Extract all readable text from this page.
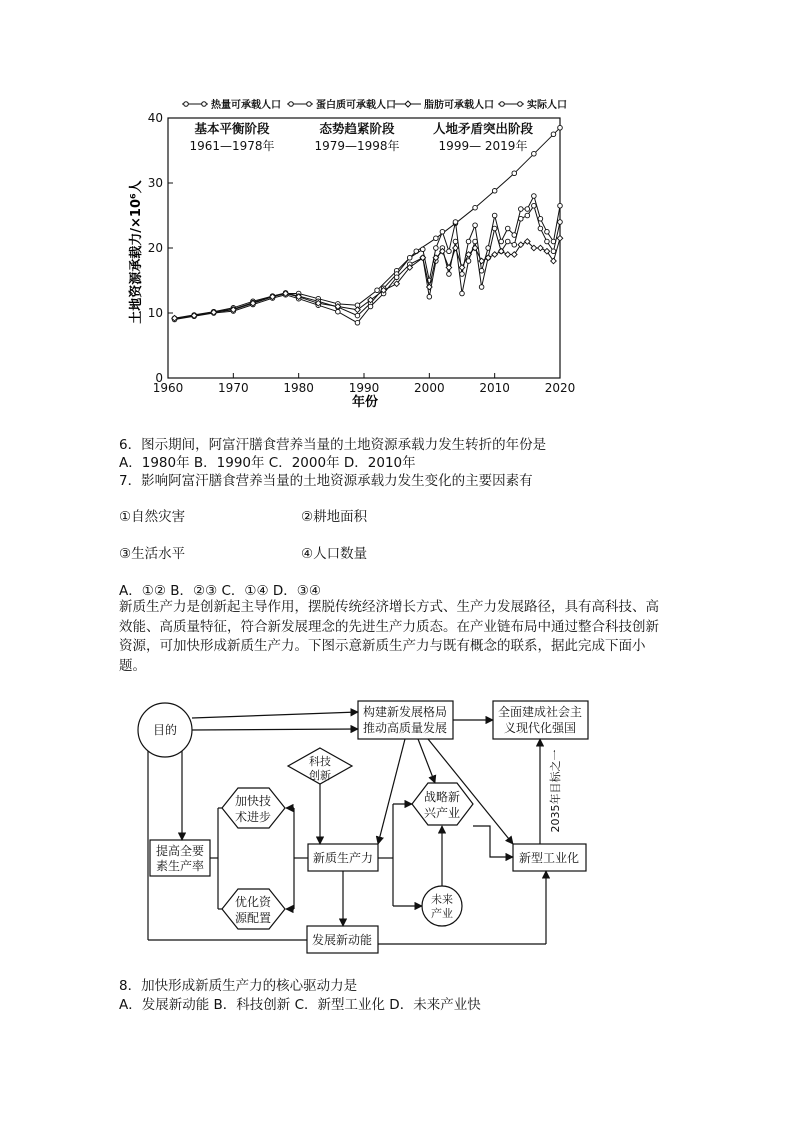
1960	1970	1980	1990	2000	2010	2020
0
10
20
30
40
热量可承载人口	蛋白质可承载人口	脂肪可承载人口	实际人口
基本平衡阶段
1961—1978年
态势趋紧阶段
1979—1998年
人地矛盾突出阶段
1999— 2019年
土地资源承载力/×10⁶人
年份
6．图示期间，阿富汗膳食营养当量的土地资源承载力发生转折的年份是
A．1980年 B．1990年 C．2000年 D．2010年
7．影响阿富汗膳食营养当量的土地资源承载力发生变化的主要因素有
①自然灾害	②耕地面积
③生活水平	④人口数量
A．①② B．②③ C．①④ D．③④
新质生产力是创新起主导作用，摆脱传统经济增长方式、生产力发展路径，具有高科技、高效能、高质量特征，符合新发展理念的先进生产力质态。在产业链布局中通过整合科技创新资源，可加快形成新质生产力。下图示意新质生产力与既有概念的联系，据此完成下面小题。
目的
构建新发展格局
推动高质量发展
全面建成社会主
义现代化强国
科技
创新
加快技
术进步
优化资
源配置
提高全要
素生产率
新质生产力
战略新
兴产业
未来
产业
新型工业化
发展新动能
2035年目标之一
8．加快形成新质生产力的核心驱动力是
A．发展新动能 B．科技创新 C．新型工业化 D．未来产业快
